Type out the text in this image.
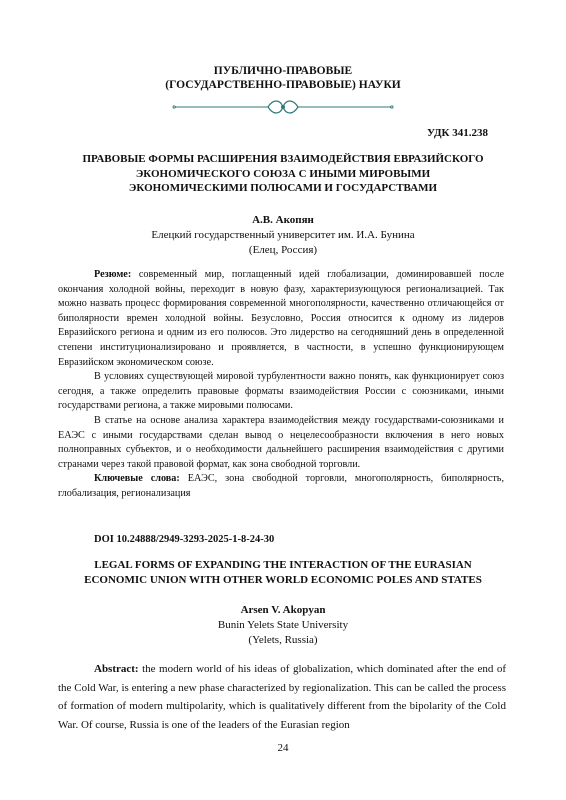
ПУБЛИЧНО-ПРАВОВЫЕ
(ГОСУДАРСТВЕННО-ПРАВОВЫЕ) НАУКИ
УДК 341.238
ПРАВОВЫЕ ФОРМЫ РАСШИРЕНИЯ ВЗАИМОДЕЙСТВИЯ ЕВРАЗИЙСКОГО
ЭКОНОМИЧЕСКОГО СОЮЗА С ИНЫМИ МИРОВЫМИ
ЭКОНОМИЧЕСКИМИ ПОЛЮСАМИ И ГОСУДАРСТВАМИ
А.В. Акопян
Елецкий государственный университет им. И.А. Бунина
(Елец, Россия)

Резюме: современный мир, поглащенный идей глобализации, доминировавшей после окончания холодной войны, переходит в новую фазу, характеризующуюся регионализацией. Так можно назвать процесс формирования современной многополярности, качественно отличающейся от биполярности времен холодной войны. Безусловно, Россия относится к одному из лидеров Евразийского региона и одним из его полюсов. Это лидерство на сегодняшний день в определенной степени институционализировано и проявляется, в частности, в успешно функционирующем Евразийском экономическом союзе.

В условиях существующей мировой турбулентности важно понять, как функционирует союз сегодня, а также определить правовые форматы взаимодействия России с союзниками, иными государствами региона, а также мировыми полюсами.

В статье на основе анализа характера взаимодействия между государствами-союзниками и ЕАЭС с иными государствами сделан вывод о нецелесообразности включения в него новых полноправных субъектов, и о необходимости дальнейшего расширения взаимодействия с другими странами через такой правовой формат, как зона свободной торговли.

Ключевые слова: ЕАЭС, зона свободной торговли, многополярность, биполярность, глобализация, регионализация

DOI 10.24888/2949-3293-2025-1-8-24-30
LEGAL FORMS OF EXPANDING THE INTERACTION OF THE EURASIAN
ECONOMIC UNION WITH OTHER WORLD ECONOMIC POLES AND STATES
Arsen V. Akopyan
Bunin Yelets State University
(Yelets, Russia)

Abstract: the modern world of his ideas of globalization, which dominated after the end of the Cold War, is entering a new phase characterized by regionalization. This can be called the process of formation of modern multipolarity, which is qualitatively different from the bipolarity of the Cold War. Of course, Russia is one of the leaders of the Eurasian region

24
